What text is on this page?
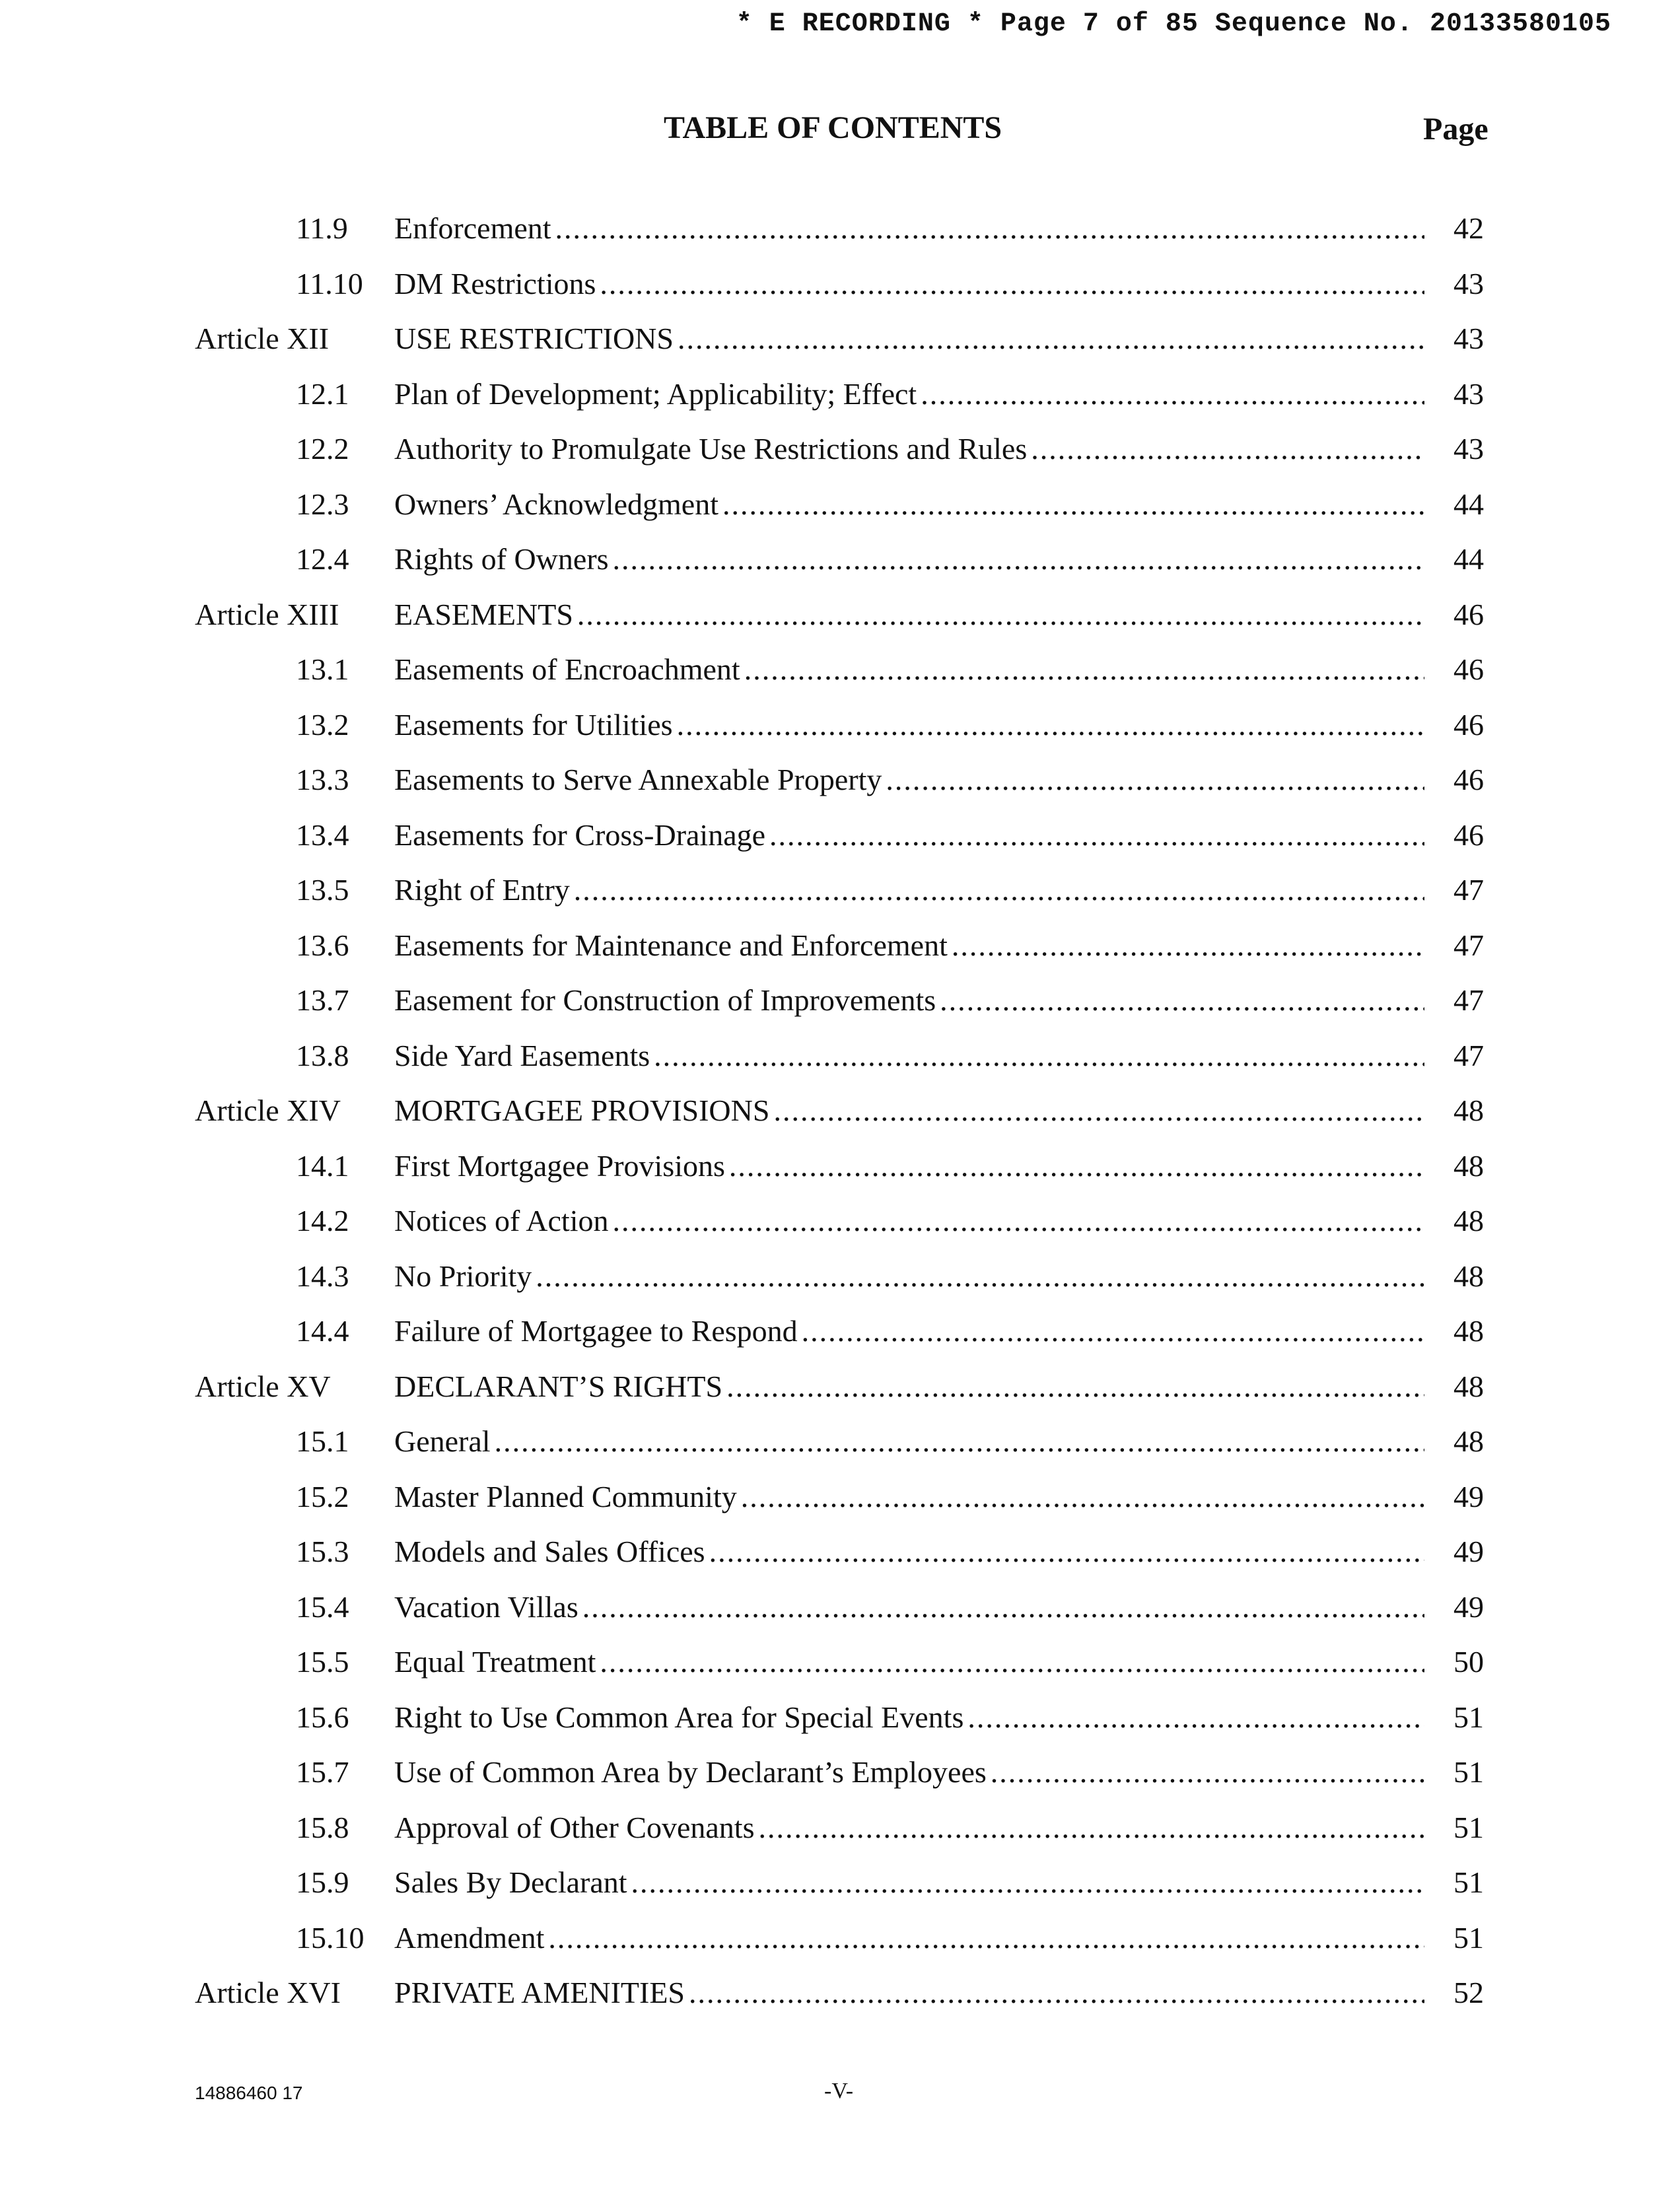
* E RECORDING * Page 7 of 85 Sequence No. 20133580105
TABLE OF CONTENTS	Page
11.9 Enforcement .....	42
11.10 DM Restrictions .....	43
Article XII USE RESTRICTIONS .....	43
12.1 Plan of Development; Applicability; Effect .....	43
12.2 Authority to Promulgate Use Restrictions and Rules .....	43
12.3 Owners’ Acknowledgment .....	44
12.4 Rights of Owners .....	44
Article XIII EASEMENTS .....	46
13.1 Easements of Encroachment .....	46
13.2 Easements for Utilities .....	46
13.3 Easements to Serve Annexable Property .....	46
13.4 Easements for Cross-Drainage .....	46
13.5 Right of Entry .....	47
13.6 Easements for Maintenance and Enforcement .....	47
13.7 Easement for Construction of Improvements .....	47
13.8 Side Yard Easements .....	47
Article XIV MORTGAGEE PROVISIONS .....	48
14.1 First Mortgagee Provisions .....	48
14.2 Notices of Action .....	48
14.3 No Priority .....	48
14.4 Failure of Mortgagee to Respond .....	48
Article XV DECLARANT’S RIGHTS .....	48
15.1 General .....	48
15.2 Master Planned Community .....	49
15.3 Models and Sales Offices .....	49
15.4 Vacation Villas .....	49
15.5 Equal Treatment .....	50
15.6 Right to Use Common Area for Special Events .....	51
15.7 Use of Common Area by Declarant’s Employees .....	51
15.8 Approval of Other Covenants .....	51
15.9 Sales By Declarant .....	51
15.10 Amendment .....	51
Article XVI PRIVATE AMENITIES .....	52
14886460 17	-V-
